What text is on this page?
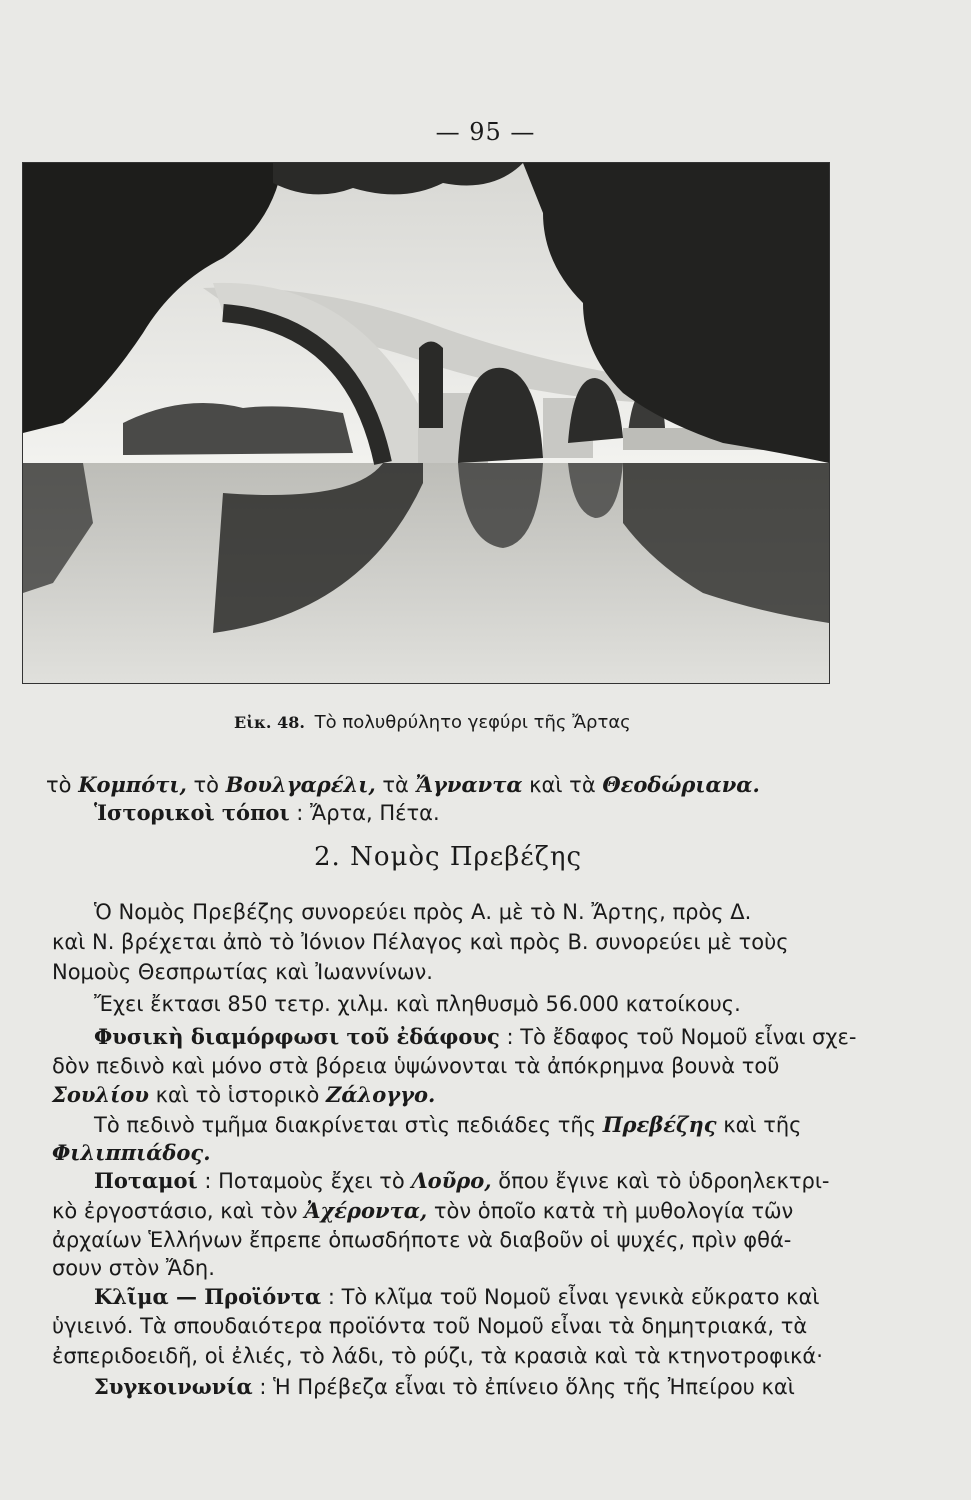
— 95 —
Εἰκ. 48. Τὸ πολυθρύλητο γεφύρι τῆς Ἄρτας
τὸ Κομπότι, τὸ Βουλγαρέλι, τὰ Ἄγναντα καὶ τὰ Θεοδώριανα.
Ἱστορικοὶ τόποι : Ἄρτα, Πέτα.
2. Νομὸς Πρεβέζης
Ὁ Νομὸς Πρεβέζης συνορεύει πρὸς Α. μὲ τὸ Ν. Ἄρτης, πρὸς Δ.
καὶ Ν. βρέχεται ἀπὸ τὸ Ἰόνιον Πέλαγος καὶ πρὸς Β. συνορεύει μὲ τοὺς
Νομοὺς Θεσπρωτίας καὶ Ἰωαννίνων.
Ἔχει ἔκτασι 850 τετρ. χιλμ. καὶ πληθυσμὸ 56.000 κατοίκους.
Φυσικὴ διαμόρφωσι τοῦ ἐδάφους : Τὸ ἔδαφος τοῦ Νομοῦ εἶναι σχε-
δὸν πεδινὸ καὶ μόνο στὰ βόρεια ὑψώνονται τὰ ἀπόκρημνα βουνὰ τοῦ
Σουλίου καὶ τὸ ἱστορικὸ Ζάλογγο.
Τὸ πεδινὸ τμῆμα διακρίνεται στὶς πεδιάδες τῆς Πρεβέζης καὶ τῆς
Φιλιππιάδος.
Ποταμοί : Ποταμοὺς ἔχει τὸ Λοῦρο, ὅπου ἔγινε καὶ τὸ ὑδροηλεκτρι-
κὸ ἐργοστάσιο, καὶ τὸν Ἀχέροντα, τὸν ὁποῖο κατὰ τὴ μυθολογία τῶν
ἀρχαίων Ἑλλήνων ἔπρεπε ὁπωσδήποτε νὰ διαβοῦν οἱ ψυχές, πρὶν φθά-
σουν στὸν Ἄδη.
Κλῖμα — Προϊόντα : Τὸ κλῖμα τοῦ Νομοῦ εἶναι γενικὰ εὔκρατο καὶ
ὑγιεινό. Τὰ σπουδαιότερα προϊόντα τοῦ Νομοῦ εἶναι τὰ δημητριακά, τὰ
ἐσπεριδοειδῆ, οἱ ἐλιές, τὸ λάδι, τὸ ρύζι, τὰ κρασιὰ καὶ τὰ κτηνοτροφικά·
Συγκοινωνία : Ἡ Πρέβεζα εἶναι τὸ ἐπίνειο ὅλης τῆς Ἠπείρου καὶ
